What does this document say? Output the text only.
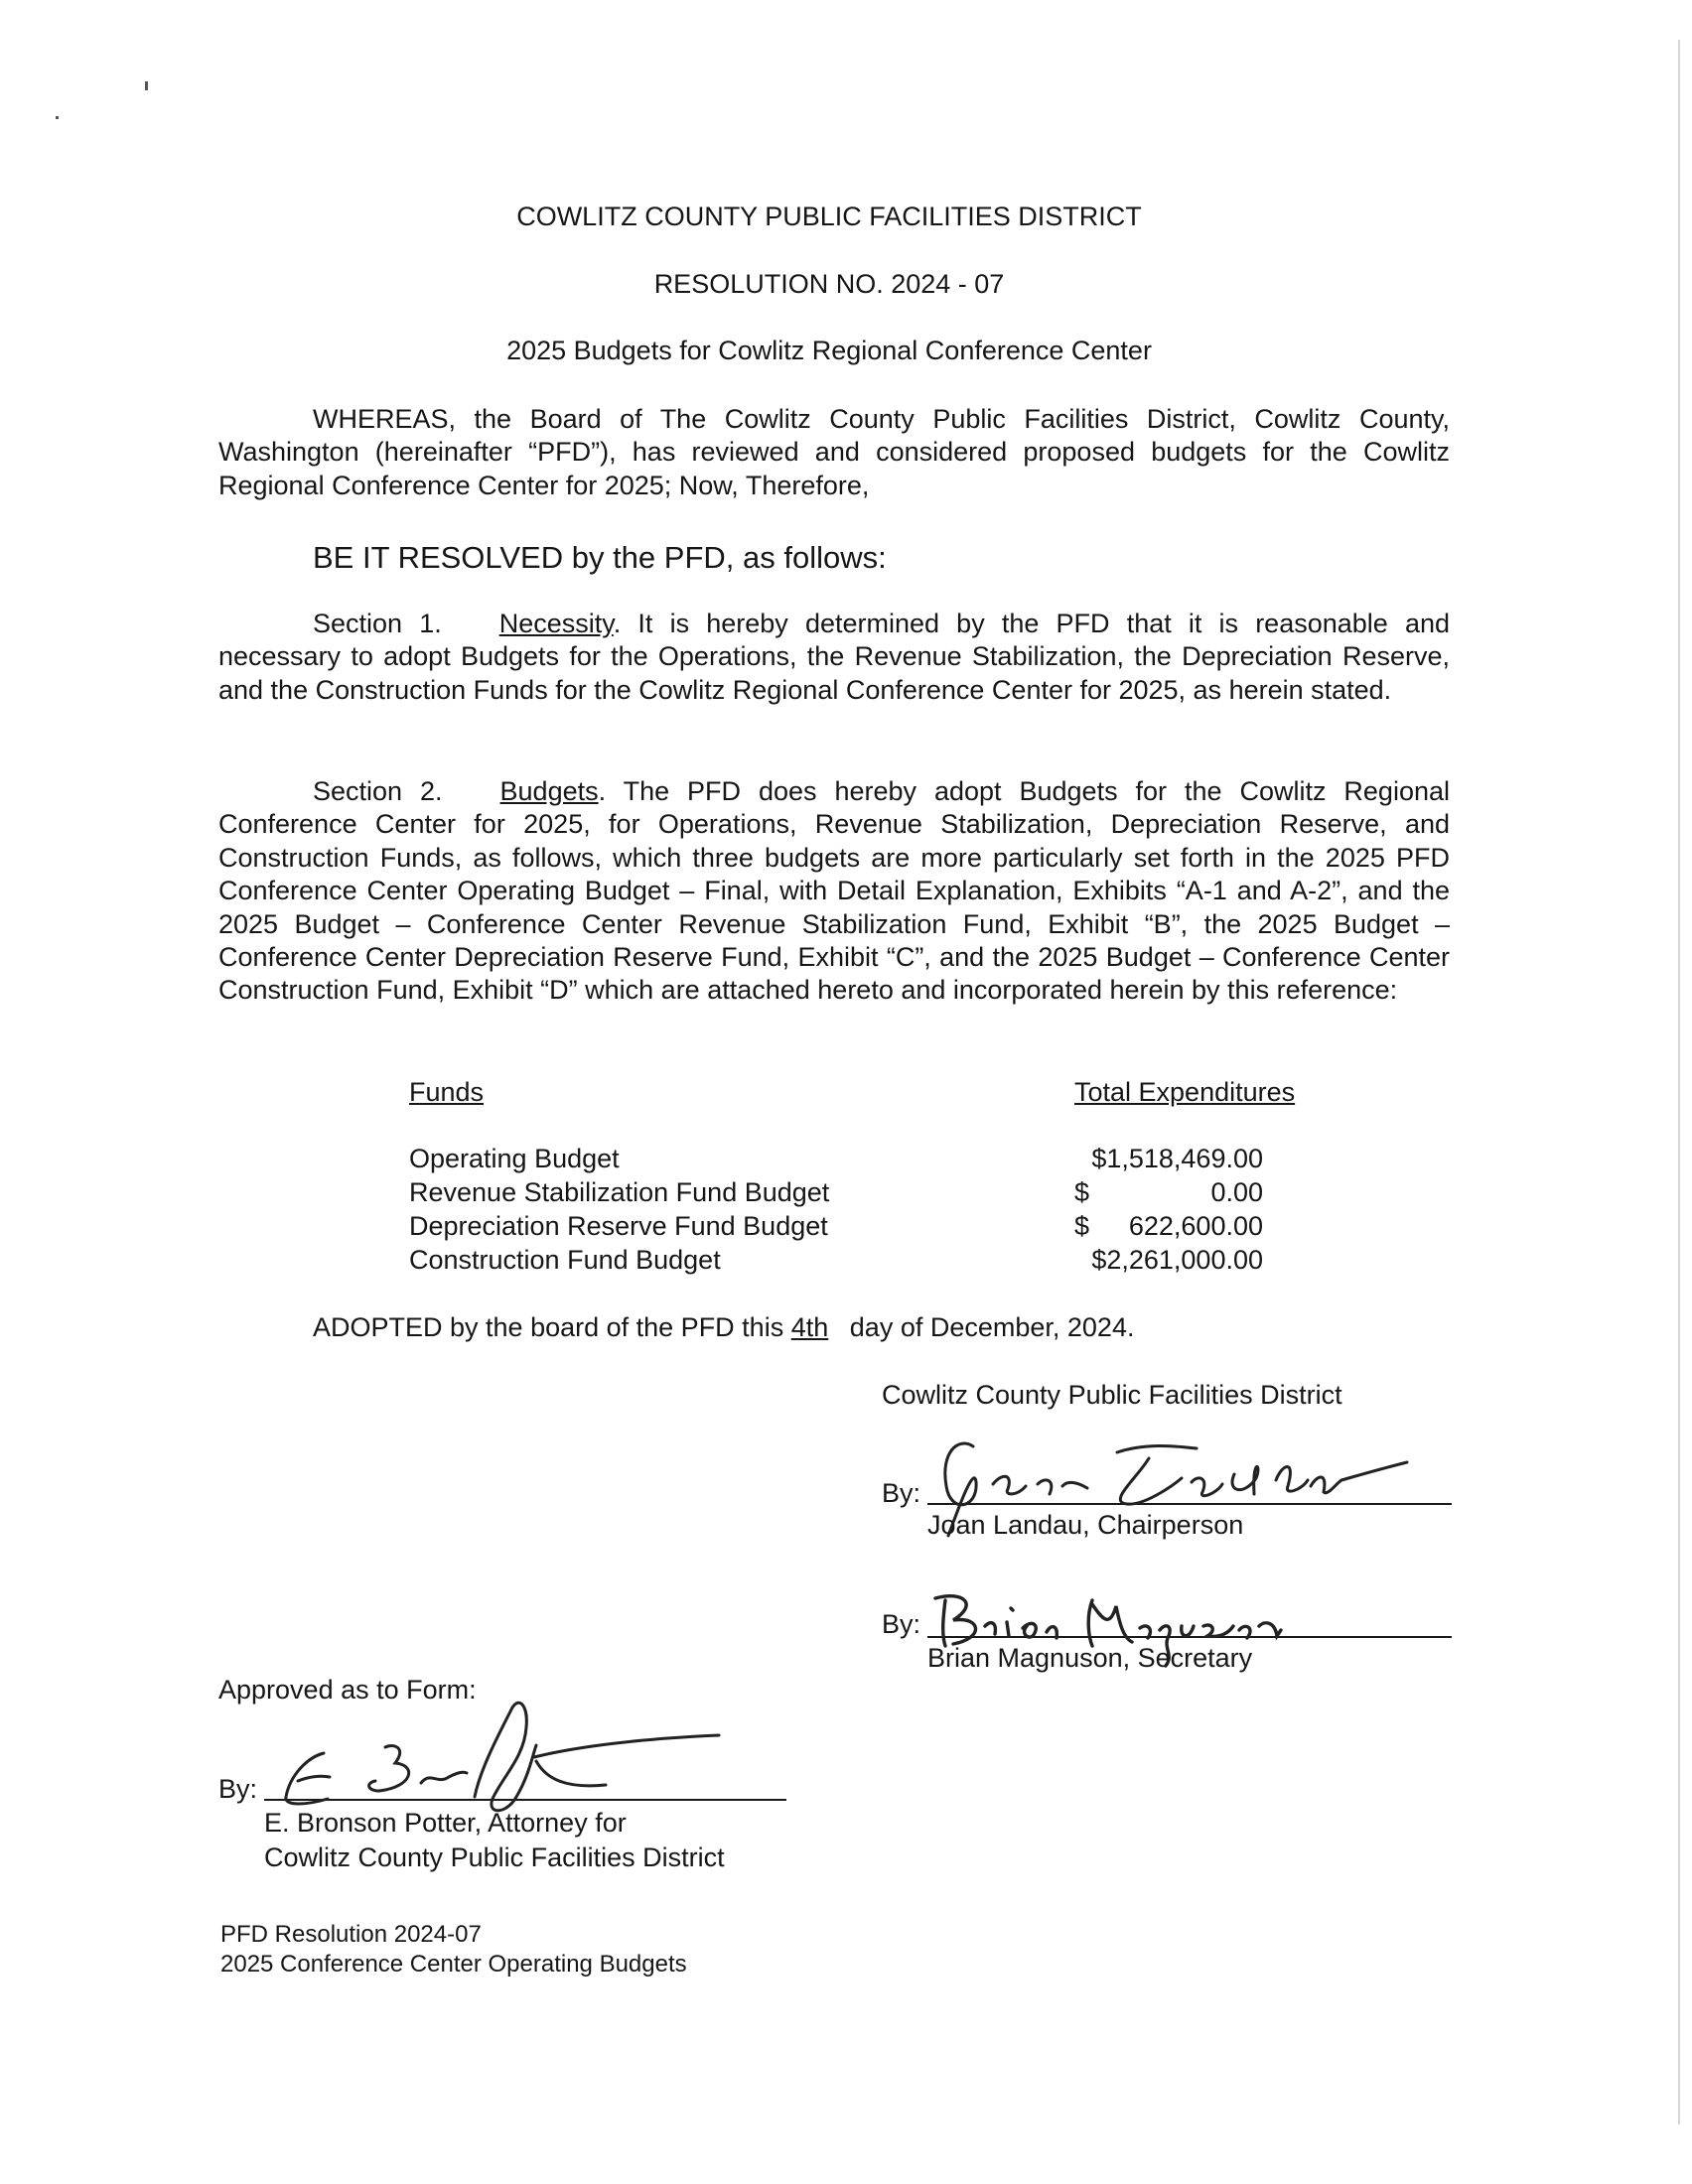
COWLITZ COUNTY PUBLIC FACILITIES DISTRICT
RESOLUTION NO. 2024 - 07
2025 Budgets for Cowlitz Regional Conference Center
WHEREAS, the Board of The Cowlitz County Public Facilities District, Cowlitz County, Washington (hereinafter “PFD”), has reviewed and considered proposed budgets for the Cowlitz Regional Conference Center for 2025; Now, Therefore,
BE IT RESOLVED by the PFD, as follows:
Section 1. Necessity. It is hereby determined by the PFD that it is reasonable and necessary to adopt Budgets for the Operations, the Revenue Stabilization, the Depreciation Reserve, and the Construction Funds for the Cowlitz Regional Conference Center for 2025, as herein stated.
Section 2. Budgets. The PFD does hereby adopt Budgets for the Cowlitz Regional Conference Center for 2025, for Operations, Revenue Stabilization, Depreciation Reserve, and Construction Funds, as follows, which three budgets are more particularly set forth in the 2025 PFD Conference Center Operating Budget – Final, with Detail Explanation, Exhibits “A-1 and A-2”, and the 2025 Budget – Conference Center Revenue Stabilization Fund, Exhibit “B”, the 2025 Budget – Conference Center Depreciation Reserve Fund, Exhibit “C”, and the 2025 Budget – Conference Center Construction Fund, Exhibit “D” which are attached hereto and incorporated herein by this reference:
Funds	Total Expenditures
Operating Budget
Revenue Stabilization Fund Budget
Depreciation Reserve Fund Budget
Construction Fund Budget
$1,518,469.00
$	0.00
$ 622,600.00
$2,261,000.00
ADOPTED by the board of the PFD this 4th day of December, 2024.
Cowlitz County Public Facilities District
By:
Joan Landau, Chairperson
By:
Brian Magnuson, Secretary
Approved as to Form:
By:
E. Bronson Potter, Attorney for
Cowlitz County Public Facilities District
PFD Resolution 2024-07
2025 Conference Center Operating Budgets
